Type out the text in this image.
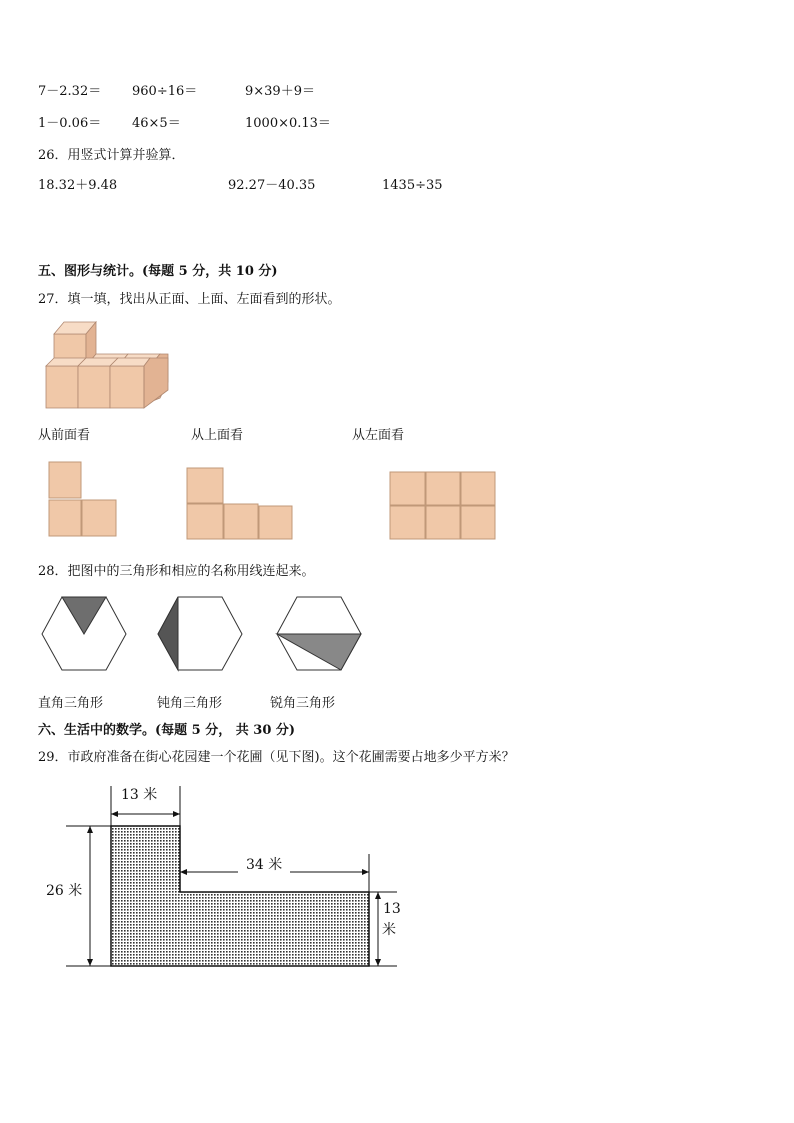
7－2.32＝ 960÷16＝	9×39＋9＝
1－0.06＝ 46×5＝	1000×0.13＝
26．用竖式计算并验算．
18.32＋9.48	92.27－40.35	1435÷35
五、图形与统计。(每题 5 分，共 10 分)
27．填一填，找出从正面、上面、左面看到的形状。
从前面看	从上面看	从左面看
28．把图中的三角形和相应的名称用线连起来。
直角三角形	钝角三角形	锐角三角形
六、生活中的数学。(每题 5 分， 共 30 分)
29．市政府准备在街心花园建一个花圃（见下图)。这个花圃需要占地多少平方米？
13 米
34 米
26 米
13
米
